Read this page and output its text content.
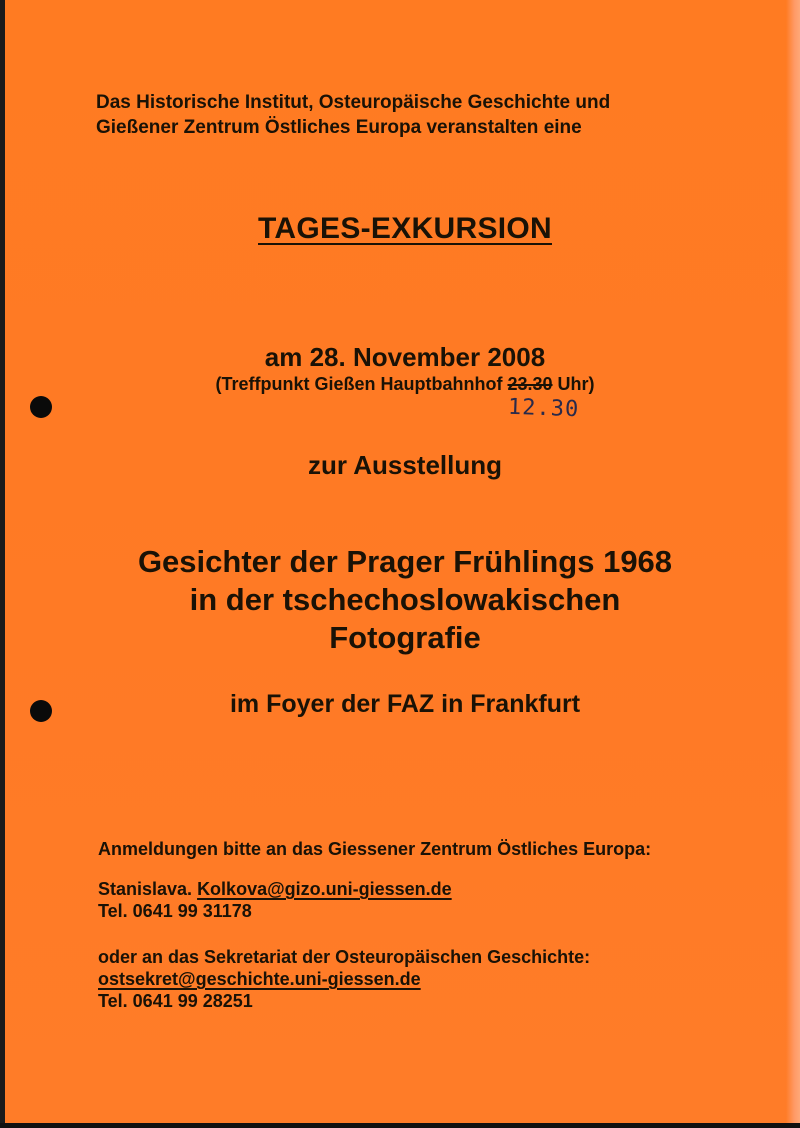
Das Historische Institut, Osteuropäische Geschichte und
Gießener Zentrum Östliches Europa veranstalten eine
TAGES-EXKURSION
am 28. November 2008
(Treffpunkt Gießen Hauptbahnhof 23.30 Uhr)
12.30
zur Ausstellung
Gesichter der Prager Frühlings 1968
in der tschechoslowakischen
Fotografie
im Foyer der FAZ in Frankfurt
Anmeldungen bitte an das Giessener Zentrum Östliches Europa:
Stanislava. Kolkova@gizo.uni-giessen.de
Tel. 0641 99 31178
oder an das Sekretariat der Osteuropäischen Geschichte:
ostsekret@geschichte.uni-giessen.de
Tel. 0641 99 28251
